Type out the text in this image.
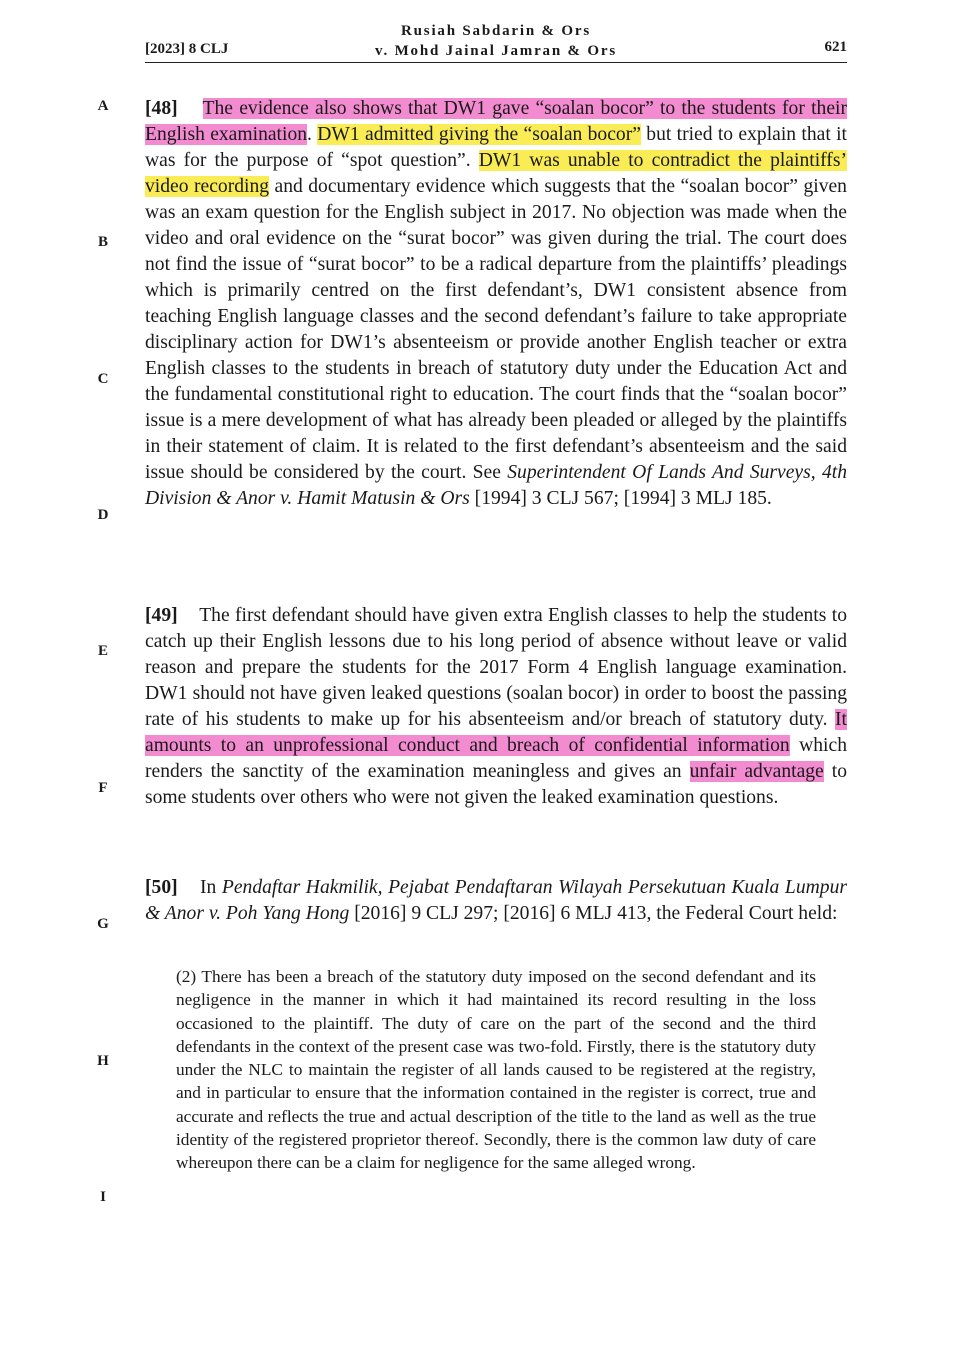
[2023] 8 CLJ
Rusiah Sabdarin & Ors
v. Mohd Jainal Jamran & Ors	621
A
B
C
D
E
F
G
H
I

[48] The evidence also shows that DW1 gave “soalan bocor” to the students for their English examination. DW1 admitted giving the “soalan bocor” but tried to explain that it was for the purpose of “spot question”. DW1 was unable to contradict the plaintiffs’ video recording and documentary evidence which suggests that the “soalan bocor” given was an exam question for the English subject in 2017. No objection was made when the video and oral evidence on the “surat bocor” was given during the trial. The court does not find the issue of “surat bocor” to be a radical departure from the plaintiffs’ pleadings which is primarily centred on the first defendant’s, DW1 consistent absence from teaching English language classes and the second defendant’s failure to take appropriate disciplinary action for DW1’s absenteeism or provide another English teacher or extra English classes to the students in breach of statutory duty under the Education Act and the fundamental constitutional right to education. The court finds that the “soalan bocor” issue is a mere development of what has already been pleaded or alleged by the plaintiffs in their statement of claim. It is related to the first defendant’s absenteeism and the said issue should be considered by the court. See Superintendent Of Lands And Surveys, 4th Division & Anor v. Hamit Matusin & Ors [1994] 3 CLJ 567; [1994] 3 MLJ 185.

[49] The first defendant should have given extra English classes to help the students to catch up their English lessons due to his long period of absence without leave or valid reason and prepare the students for the 2017 Form 4 English language examination. DW1 should not have given leaked questions (soalan bocor) in order to boost the passing rate of his students to make up for his absenteeism and/or breach of statutory duty. It amounts to an unprofessional conduct and breach of confidential information which renders the sanctity of the examination meaningless and gives an unfair advantage to some students over others who were not given the leaked examination questions.

[50] In Pendaftar Hakmilik, Pejabat Pendaftaran Wilayah Persekutuan Kuala Lumpur & Anor v. Poh Yang Hong [2016] 9 CLJ 297; [2016] 6 MLJ 413, the Federal Court held:

(2) There has been a breach of the statutory duty imposed on the second defendant and its negligence in the manner in which it had maintained its record resulting in the loss occasioned to the plaintiff. The duty of care on the part of the second and the third defendants in the context of the present case was two-fold. Firstly, there is the statutory duty under the NLC to maintain the register of all lands caused to be registered at the registry, and in particular to ensure that the information contained in the register is correct, true and accurate and reflects the true and actual description of the title to the land as well as the true identity of the registered proprietor thereof. Secondly, there is the common law duty of care whereupon there can be a claim for negligence for the same alleged wrong.
